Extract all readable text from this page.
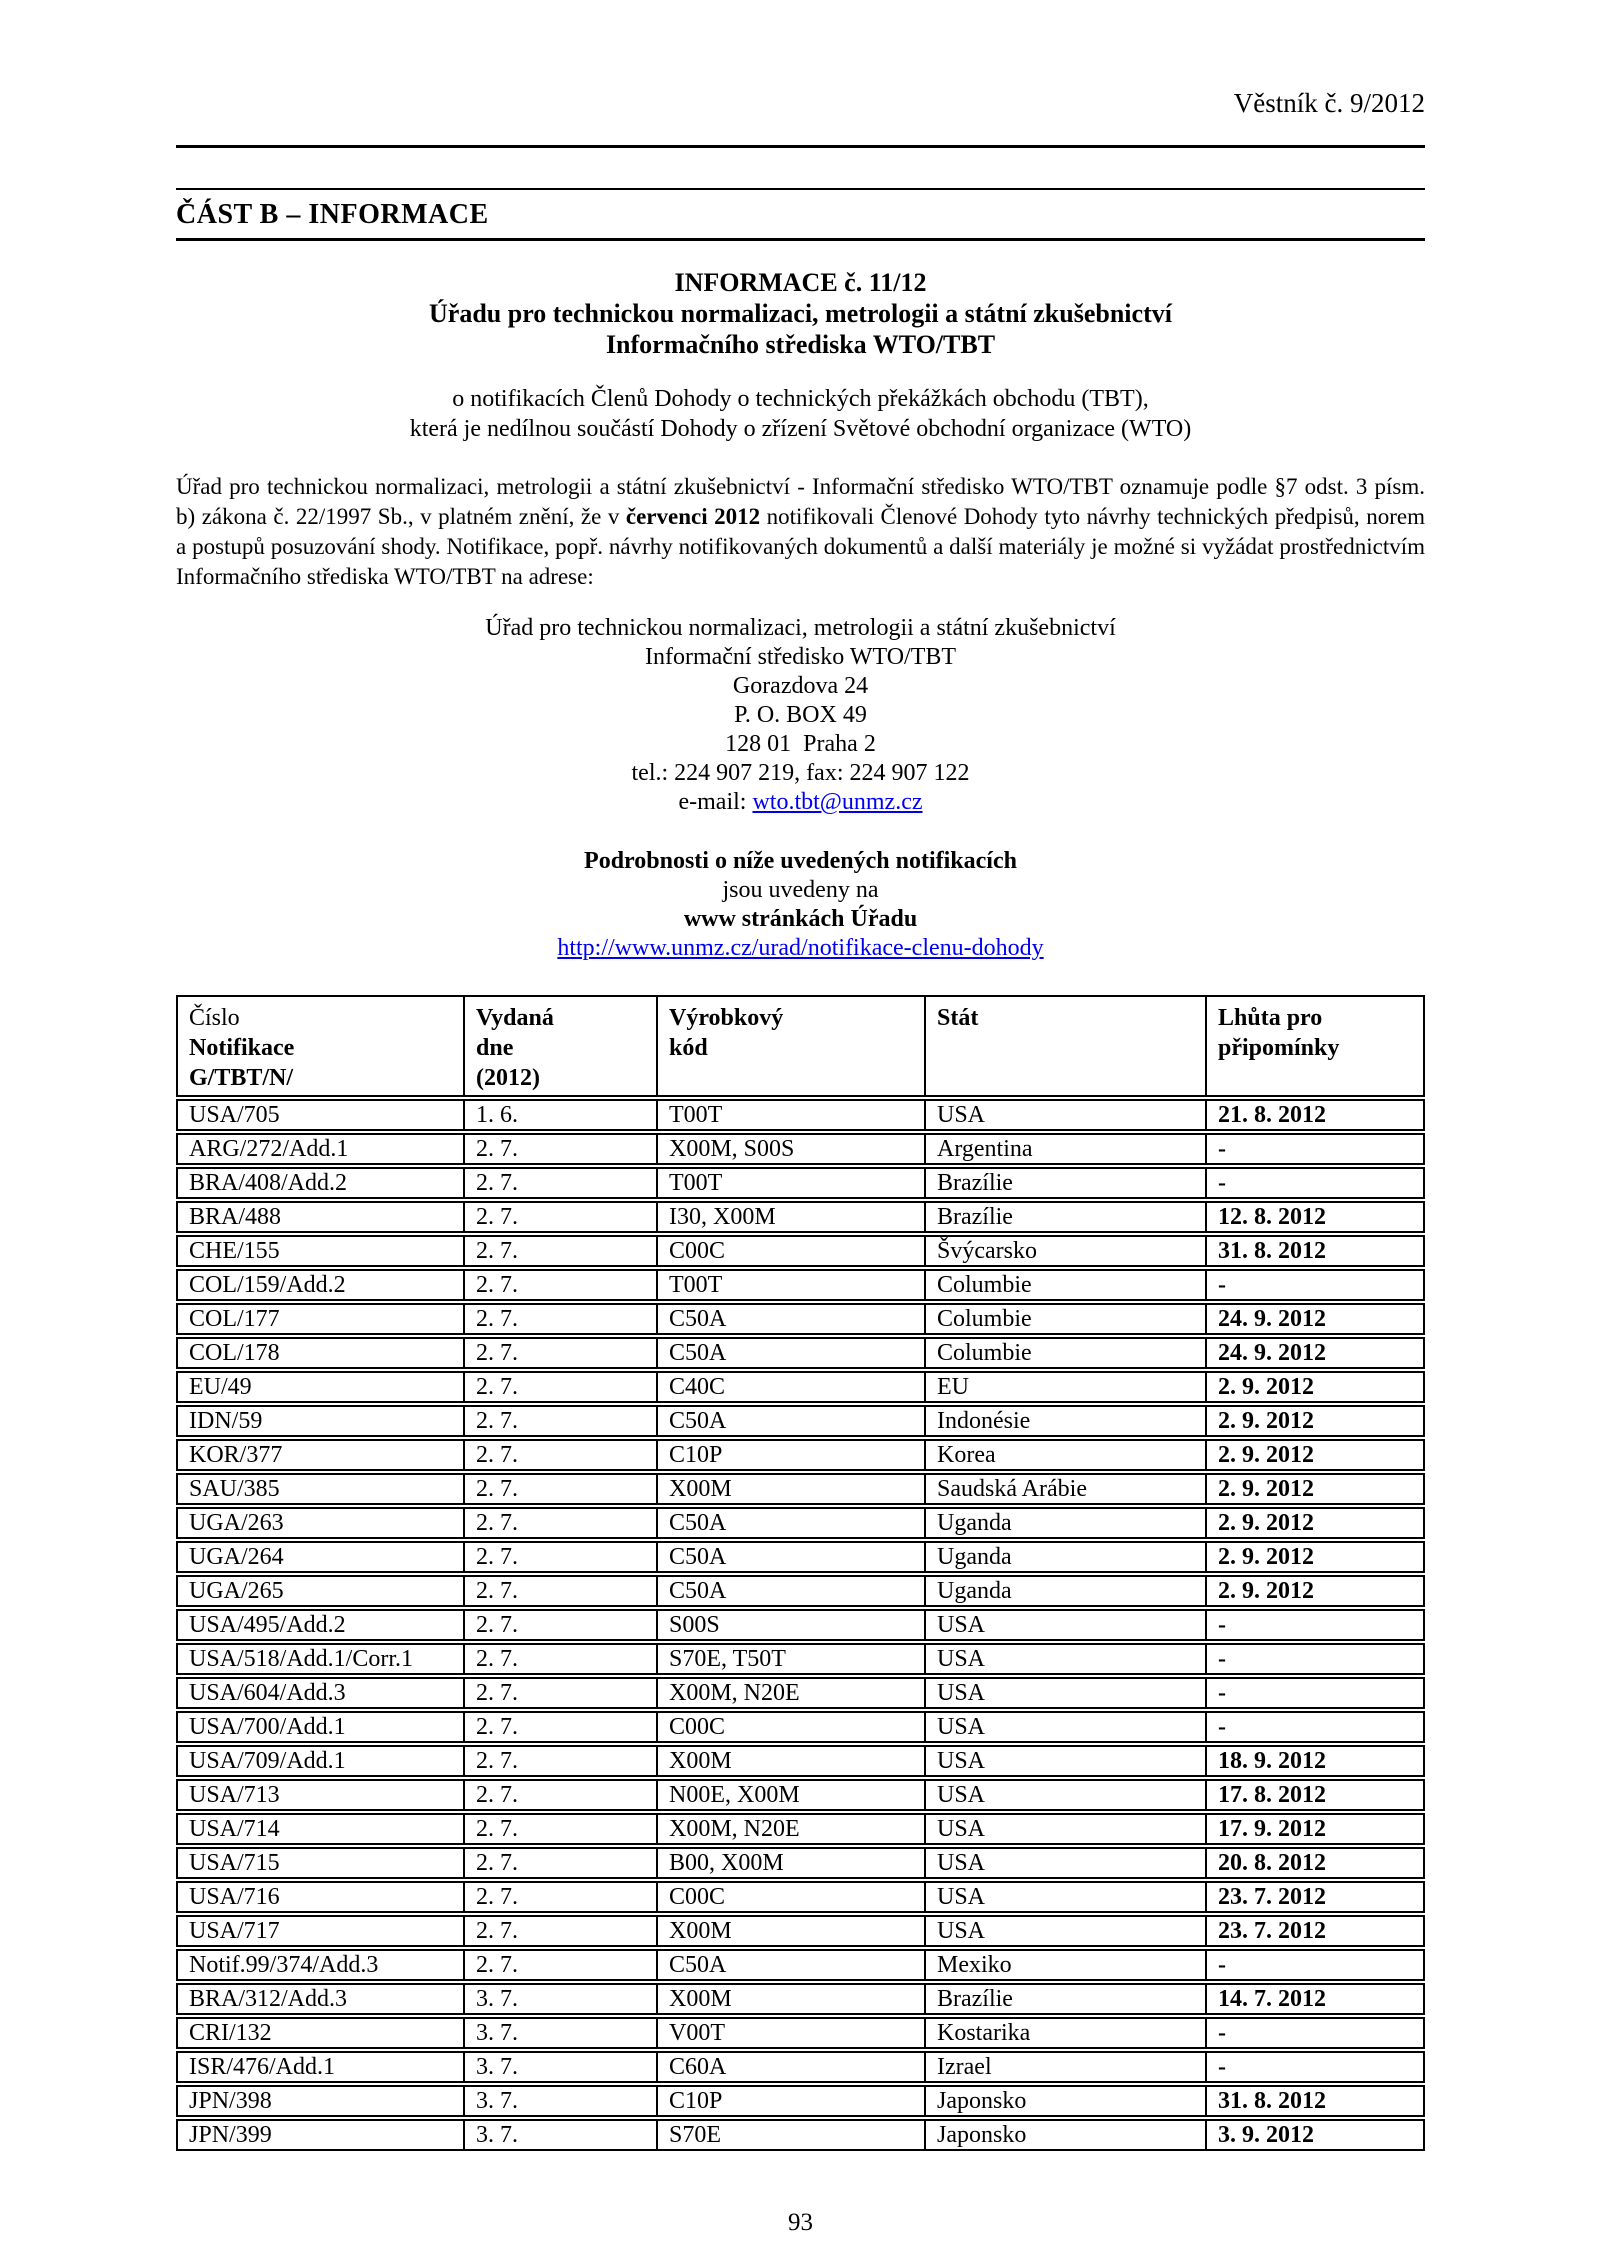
Věstník č. 9/2012
ČÁST B – INFORMACE
INFORMACE č. 11/12
Úřadu pro technickou normalizaci, metrologii a státní zkušebnictví
Informačního střediska WTO/TBT
o notifikacích Členů Dohody o technických překážkách obchodu (TBT),
která je nedílnou součástí Dohody o zřízení Světové obchodní organizace (WTO)

Úřad pro technickou normalizaci, metrologii a státní zkušebnictví - Informační středisko WTO/TBT oznamuje podle §7 odst. 3 písm. b) zákona č. 22/1997 Sb., v platném znění, že v červenci 2012 notifikovali Členové Dohody tyto návrhy technických předpisů, norem a postupů posuzování shody. Notifikace, popř. návrhy notifikovaných dokumentů a další materiály je možné si vyžádat prostřednictvím Informačního střediska WTO/TBT na adrese:

Úřad pro technickou normalizaci, metrologii a státní zkušebnictví
Informační středisko WTO/TBT
Gorazdova 24
P. O. BOX 49
128 01  Praha 2
tel.: 224 907 219, fax: 224 907 122
e-mail: wto.tbt@unmz.cz
Podrobnosti o níže uvedených notifikacích
jsou uvedeny na
www stránkách Úřadu
http://www.unmz.cz/urad/notifikace-clenu-dohody
Číslo
Notifikace
G/TBT/N/

Vydaná
dne
(2012)

Výrobkový
kód

Stát	Lhůta pro
připomínky

USA/705	1. 6.	T00T	USA	21. 8. 2012
ARG/272/Add.1	2. 7.	X00M, S00S	Argentina	-
BRA/408/Add.2	2. 7.	T00T	Brazílie	-
BRA/488	2. 7.	I30, X00M	Brazílie	12. 8. 2012
CHE/155	2. 7.	C00C	Švýcarsko	31. 8. 2012
COL/159/Add.2	2. 7.	T00T	Columbie	-
COL/177	2. 7.	C50A	Columbie	24. 9. 2012
COL/178	2. 7.	C50A	Columbie	24. 9. 2012
EU/49	2. 7.	C40C	EU	2. 9. 2012
IDN/59	2. 7.	C50A	Indonésie	2. 9. 2012
KOR/377	2. 7.	C10P	Korea	2. 9. 2012
SAU/385	2. 7.	X00M	Saudská Arábie	2. 9. 2012
UGA/263	2. 7.	C50A	Uganda	2. 9. 2012
UGA/264	2. 7.	C50A	Uganda	2. 9. 2012
UGA/265	2. 7.	C50A	Uganda	2. 9. 2012
USA/495/Add.2	2. 7.	S00S	USA	-
USA/518/Add.1/Corr.1	2. 7.	S70E, T50T	USA	-
USA/604/Add.3	2. 7.	X00M, N20E	USA	-
USA/700/Add.1	2. 7.	C00C	USA	-
USA/709/Add.1	2. 7.	X00M	USA	18. 9. 2012
USA/713	2. 7.	N00E, X00M	USA	17. 8. 2012
USA/714	2. 7.	X00M, N20E	USA	17. 9. 2012
USA/715	2. 7.	B00, X00M	USA	20. 8. 2012
USA/716	2. 7.	C00C	USA	23. 7. 2012
USA/717	2. 7.	X00M	USA	23. 7. 2012
Notif.99/374/Add.3	2. 7.	C50A	Mexiko	-
BRA/312/Add.3	3. 7.	X00M	Brazílie	14. 7. 2012
CRI/132	3. 7.	V00T	Kostarika	-
ISR/476/Add.1	3. 7.	C60A	Izrael	-
JPN/398	3. 7.	C10P	Japonsko	31. 8. 2012
JPN/399	3. 7.	S70E	Japonsko	3. 9. 2012
93
